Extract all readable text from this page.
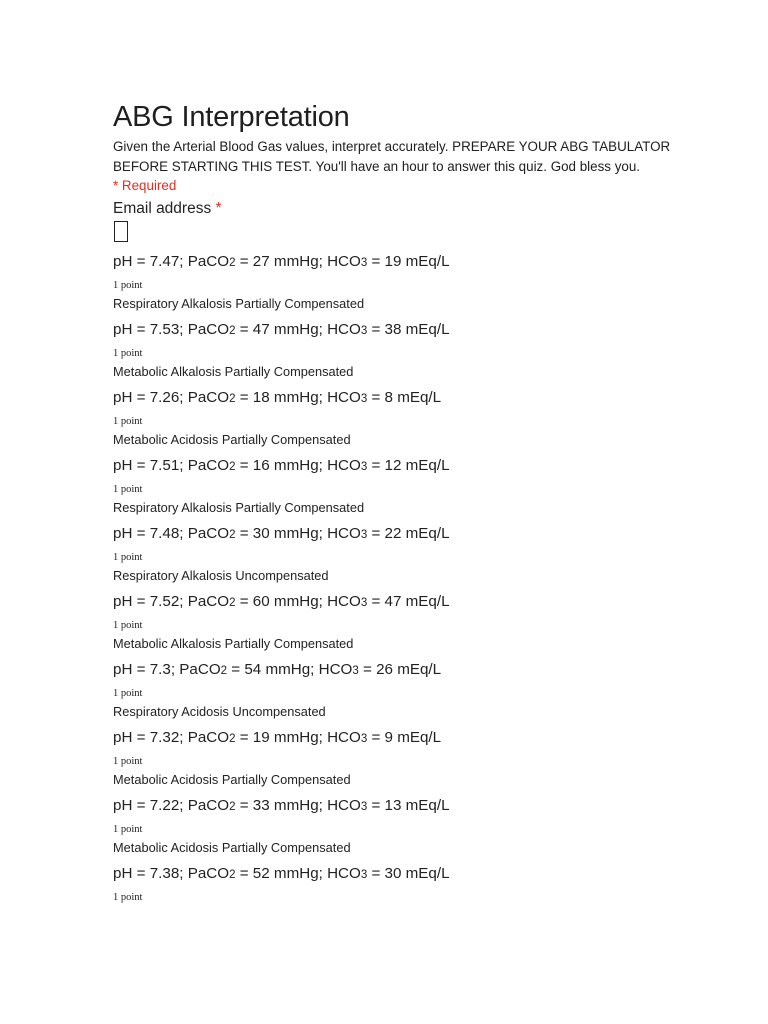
ABG Interpretation

Given the Arterial Blood Gas values, interpret accurately. PREPARE YOUR ABG TABULATOR BEFORE STARTING THIS TEST. You'll have an hour to answer this quiz. God bless you.

* Required
Email address *
pH = 7.47; PaCO2 = 27 mmHg; HCO3 = 19 mEq/L
1 point
Respiratory Alkalosis Partially Compensated
pH = 7.53; PaCO2 = 47 mmHg; HCO3 = 38 mEq/L
1 point
Metabolic Alkalosis Partially Compensated
pH = 7.26; PaCO2 = 18 mmHg; HCO3 = 8 mEq/L
1 point
Metabolic Acidosis Partially Compensated
pH = 7.51; PaCO2 = 16 mmHg; HCO3 = 12 mEq/L
1 point
Respiratory Alkalosis Partially Compensated
pH = 7.48; PaCO2 = 30 mmHg; HCO3 = 22 mEq/L
1 point
Respiratory Alkalosis Uncompensated
pH = 7.52; PaCO2 = 60 mmHg; HCO3 = 47 mEq/L
1 point
Metabolic Alkalosis Partially Compensated
pH = 7.3; PaCO2 = 54 mmHg; HCO3 = 26 mEq/L
1 point
Respiratory Acidosis Uncompensated
pH = 7.32; PaCO2 = 19 mmHg; HCO3 = 9 mEq/L
1 point
Metabolic Acidosis Partially Compensated
pH = 7.22; PaCO2 = 33 mmHg; HCO3 = 13 mEq/L
1 point
Metabolic Acidosis Partially Compensated
pH = 7.38; PaCO2 = 52 mmHg; HCO3 = 30 mEq/L
1 point
